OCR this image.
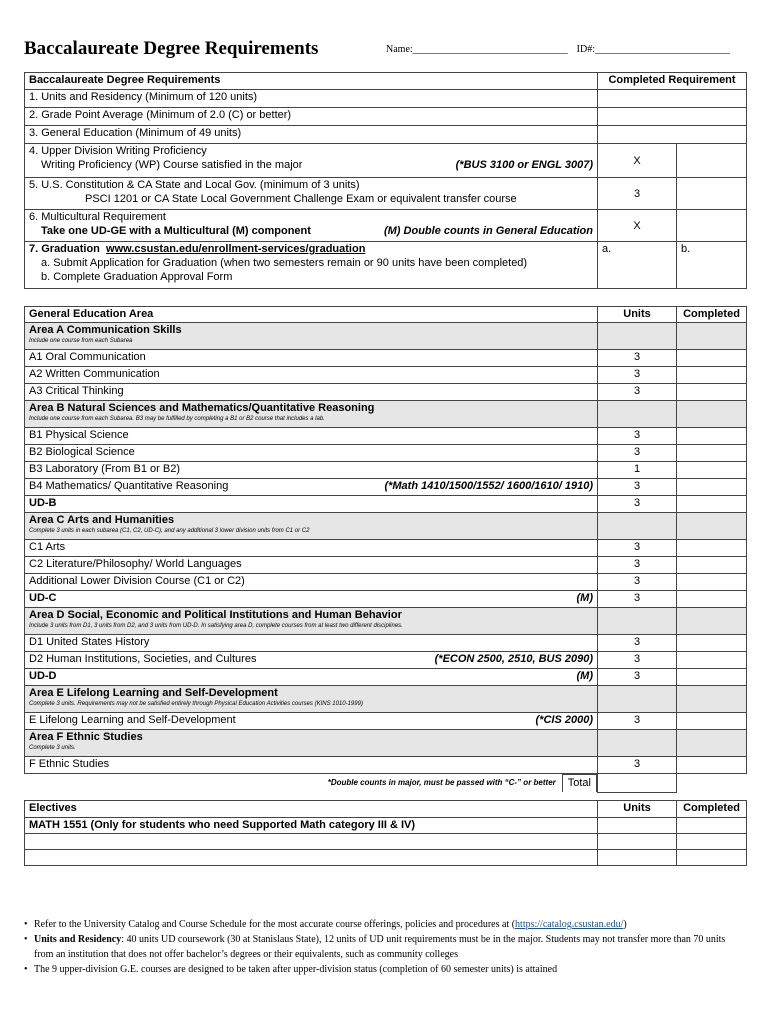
Baccalaureate Degree Requirements	Name:_______________________________ ID#:___________________________
Baccalaureate Degree Requirements	Completed Requirement	
1. Units and Residency (Minimum of 120 units)		
2. Grade Point Average (Minimum of 2.0 (C) or better)		
3. General Education (Minimum of 49 units)		

4. Upper Division Writing Proficiency
Writing Proficiency (WP) Course satisfied in the major (*BUS 3100 or ENGL 3007)	X	

5. U.S. Constitution & CA State and Local Gov. (minimum of 3 units)
PSCI 1201 or CA State Local Government Challenge Exam or equivalent transfer course	3	

6. Multicultural Requirement
Take one UD-GE with a Multicultural (M) component (M) Double counts in General Education	X	

7. Graduation www.csustan.edu/enrollment-services/graduation
a. Submit Application for Graduation (when two semesters remain or 90 units have been completed)
b. Complete Graduation Approval Form	a.	b.
General Education Area	Units	Completed

Area A Communication Skills
Include one course from each Subarea		

A1 Oral Communication	3	
A2 Written Communication	3	
A3 Critical Thinking	3	

Area B Natural Sciences and Mathematics/Quantitative Reasoning
Include one course from each Subarea. B3 may be fulfilled by completing a B1 or B2 course that includes a lab.		

B1 Physical Science	3	
B2 Biological Science	3	
B3 Laboratory (From B1 or B2)	1	

B4 Mathematics/ Quantitative Reasoning (*Math 1410/1500/1552/ 1600/1610/ 1910)	3	
UD-B	3	

Area C Arts and Humanities
Complete 3 units in each subarea (C1, C2, UD-C), and any additional 3 lower division units from C1 or C2		

C1 Arts	3	
C2 Literature/Philosophy/ World Languages	3	
Additional Lower Division Course (C1 or C2)	3	

UD-C (M)	3	

Area D Social, Economic and Political Institutions and Human Behavior
Include 3 units from D1, 3 units from D2, and 3 units from UD-D. In satisfying area D, complete courses from at least two different disciplines.		

D1 United States History	3	

D2 Human Institutions, Societies, and Cultures (*ECON 2500, 2510, BUS 2090)	3	

UD-D (M)	3	

Area E Lifelong Learning and Self-Development
Complete 3 units. Requirements may not be satisfied entirely through Physical Education Activities courses (KINS 1010-1999)		

E Lifelong Learning and Self-Development (*CIS 2000)	3	

Area F Ethnic Studies
Complete 3 units.		

F Ethnic Studies	3	

*Double counts in major, must be passed with “C-” or better Total		

Electives	Units	Completed
MATH 1551 (Only for students who need Supported Math category III & IV)		

• Refer to the University Catalog and Course Schedule for the most accurate course offerings, policies and procedures at (https://catalog.csustan.edu/)
• Units and Residency: 40 units UD coursework (30 at Stanislaus State), 12 units of UD unit requirements must be in the major. Students may not transfer more than 70 units from an institution that does not offer bachelor’s degrees or their equivalents, such as community colleges
• The 9 upper-division G.E. courses are designed to be taken after upper-division status (completion of 60 semester units) is attained
